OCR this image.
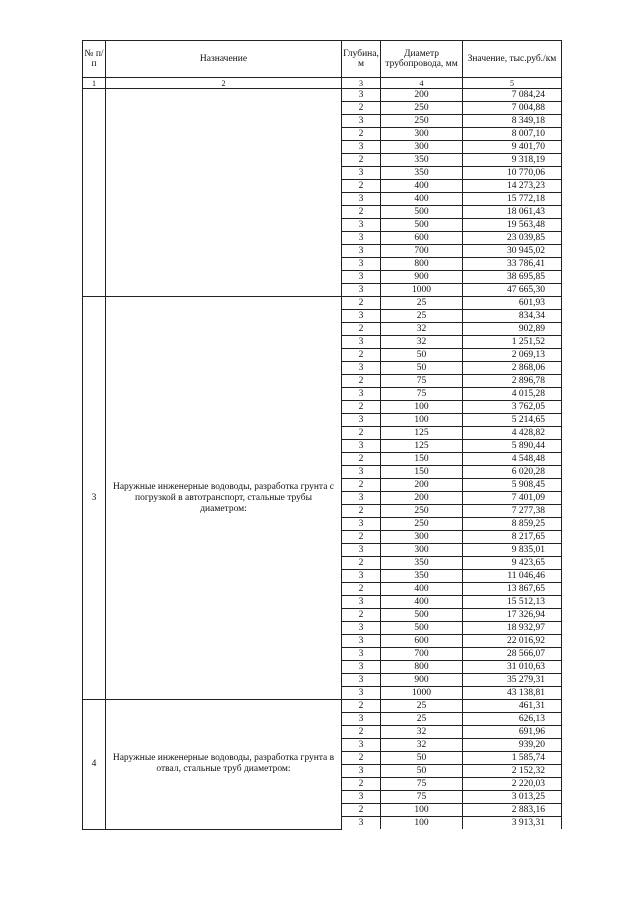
№ п/п	Назначение	Глубина, м	Диаметр трубопровода, мм	Значение, тыс.руб./км
1	2	3	4	5
		3	200	7 084,24
		2	250	7 004,88
		3	250	8 349,18
		2	300	8 007,10
		3	300	9 401,70
		2	350	9 318,19
		3	350	10 770,06
		2	400	14 273,23
		3	400	15 772,18
		2	500	18 061,43
		3	500	19 563,48
		3	600	23 039,85
		3	700	30 945,02
		3	800	33 786,41
		3	900	38 695,85
		3	1000	47 665,30
3	Наружные инженерные водоводы, разработка грунта с погрузкой в автотранспорт, стальные трубы диаметром:	2	25	601,93
		3	25	834,34
		2	32	902,89
		3	32	1 251,52
		2	50	2 069,13
		3	50	2 868,06
		2	75	2 896,78
		3	75	4 015,28
		2	100	3 762,05
		3	100	5 214,65
		2	125	4 428,82
		3	125	5 890,44
		2	150	4 548,48
		3	150	6 020,28
		2	200	5 908,45
		3	200	7 401,09
		2	250	7 277,38
		3	250	8 859,25
		2	300	8 217,65
		3	300	9 835,01
		2	350	9 423,65
		3	350	11 046,46
		2	400	13 867,65
		3	400	15 512,13
		2	500	17 326,94
		3	500	18 932,97
		3	600	22 016,92
		3	700	28 566,07
		3	800	31 010,63
		3	900	35 279,31
		3	1000	43 138,81
4	Наружные инженерные водоводы, разработка грунта в отвал, стальные труб диаметром:	2	25	461,31
		3	25	626,13
		2	32	691,96
		3	32	939,20
		2	50	1 585,74
		3	50	2 152,32
		2	75	2 220,03
		3	75	3 013,25
		2	100	2 883,16
		3	100	3 913,31
